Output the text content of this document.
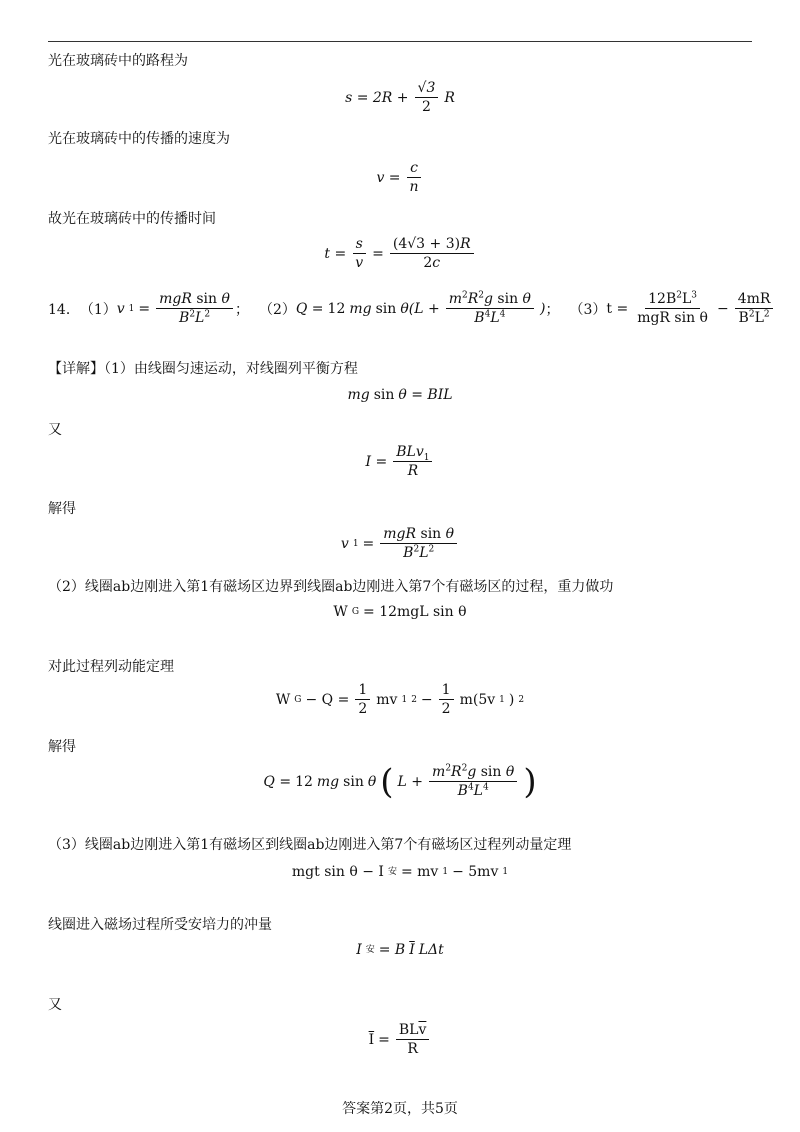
光在玻璃砖中的路程为
$s = 2R + \frac{√3}{2}$ R
光在玻璃砖中的传播的速度为
$v = \frac{c}{n}$
故光在玻璃砖中的传播时间
$t = \frac{s}{v} = \frac{(4√3 + 3)R}{2c}$
14． （1） v $1 = \frac{\text{mgR sin θ}}{B^2L^2}$ ； （2） Q = 12 mg $\sin \theta(L + \frac{m^2R^2g \sin \theta}{B^4L^4}$ ) ； （3） $t = \frac{12B^2L^3}{\text{mgR sin θ}} - \frac{4mR}{B^2L^2}$
【详解】（1）由线圈匀速运动，对线圈列平衡方程
mg sin θ = BIL
又
$I = \frac{BLv_1}{R}$
解得
v $1 = \frac{\text{mgR sin θ}}{B^2L^2}$
（2）线圈ab边刚进入第1有磁场区边界到线圈ab边刚进入第7个有磁场区的过程，重力做功
W G = 12mgL sin θ
对此过程列动能定理
W $G - Q = \frac{1}{2}$ mv 1 $2 - \frac{1}{2} m(5v$ 1 ) 2
解得
Q = 12 mg sin θ ( $L + \frac{m^2R^2g \sin \theta}{B^4L^4}$ )
（3）线圈ab边刚进入第1有磁场区到线圈ab边刚进入第7个有磁场区过程列动量定理
mgt sin θ − I 安 = mv 1 − 5mv 1
线圈进入磁场过程所受安培力的冲量
I 安 = B $\overline{I}$ LΔt
又
$\overline{I} = \frac{BL\overline{v}}{R}$
答案第2页，共5页
